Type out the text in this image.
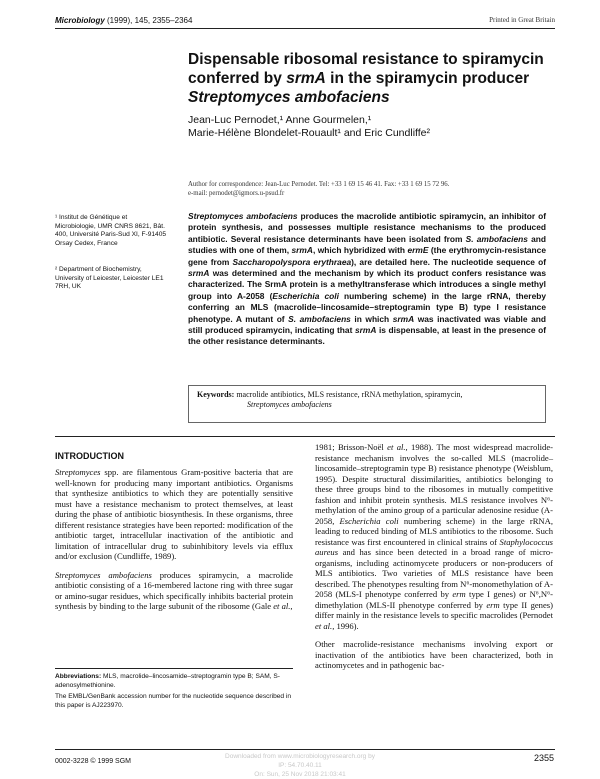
Microbiology (1999), 145, 2355–2364	Printed in Great Britain
Dispensable ribosomal resistance to spiramycin
conferred by srmA in the spiramycin producer
Streptomyces ambofaciens
Jean-Luc Pernodet,¹ Anne Gourmelen,¹
Marie-Hélène Blondelet-Rouault¹ and Eric Cundliffe²
Author for correspondence: Jean-Luc Pernodet. Tel: +33 1 69 15 46 41. Fax: +33 1 69 15 72 96.
e-mail: pernodet@igmors.u-psud.fr
¹ Institut de Génétique et Microbiologie, UMR CNRS 8621, Bât. 400, Université Paris-Sud XI, F-91405 Orsay Cedex, France
² Department of Biochemistry, University of Leicester, Leicester LE1 7RH, UK
Streptomyces ambofaciens produces the macrolide antibiotic spiramycin, an inhibitor of protein synthesis, and possesses multiple resistance mechanisms to the produced antibiotic. Several resistance determinants have been isolated from S. ambofaciens and studies with one of them, srmA, which hybridized with ermE (the erythromycin-resistance gene from Saccharopolyspora erythraea), are detailed here. The nucleotide sequence of srmA was determined and the mechanism by which its product confers resistance was characterized. The SrmA protein is a methyltransferase which introduces a single methyl group into A-2058 (Escherichia coli numbering scheme) in the large rRNA, thereby conferring an MLS (macrolide–lincosamide–streptogramin type B) type I resistance phenotype. A mutant of S. ambofaciens in which srmA was inactivated was viable and still produced spiramycin, indicating that srmA is dispensable, at least in the presence of the other resistance determinants.
Keywords: macrolide antibiotics, MLS resistance, rRNA methylation, spiramycin,
Streptomyces ambofaciens
INTRODUCTION

Streptomyces spp. are filamentous Gram-positive bacteria that are well-known for producing many important antibiotics. Organisms that synthesize antibiotics to which they are potentially sensitive must have a resistance mechanism to protect themselves, at least during the phase of antibiotic biosynthesis. In these organisms, three different resistance strategies have been reported: modification of the antibiotic target, intracellular inactivation of the antibiotic and limitation of intracellular drug to subinhibitory levels via efflux and/or exclusion (Cundliffe, 1989).

Streptomyces ambofaciens produces spiramycin, a macrolide antibiotic consisting of a 16-membered lactone ring with three sugar or amino-sugar residues, which specifically inhibits bacterial protein synthesis by binding to the large subunit of the ribosome (Gale et al.,

1981; Brisson-Noël et al., 1988). The most widespread macrolide-resistance mechanism involves the so-called MLS (macrolide–lincosamide–streptogramin type B) resistance phenotype (Weisblum, 1995). Despite structural dissimilarities, antibiotics belonging to these three groups bind to the ribosomes in mutually competitive fashion and inhibit protein synthesis. MLS resistance involves N⁶-methylation of the amino group of a particular adenosine residue (A-2058, Escherichia coli numbering scheme) in the large rRNA, leading to reduced binding of MLS antibiotics to the ribosome. Such resistance was first encountered in clinical strains of Staphylococcus aureus and has since been detected in a broad range of micro-organisms, including actinomycete producers or non-producers of MLS antibiotics. Two varieties of MLS resistance have been described. The phenotypes resulting from N⁶-monomethylation of A-2058 (MLS-I phenotype conferred by erm type I genes) or N⁶,N⁶-dimethylation (MLS-II phenotype conferred by erm type II genes) differ mainly in the resistance levels to specific macrolides (Pernodet et al., 1996).

Other macrolide-resistance mechanisms involving export or inactivation of the antibiotics have been characterized, both in actinomycetes and in pathogenic bac-

Abbreviations: MLS, macrolide–lincosamide–streptogramin type B; SAM, S-adenosylmethionine.

The EMBL/GenBank accession number for the nucleotide sequence described in this paper is AJ223970.

0002-3228 © 1999 SGM	2355
Downloaded from www.microbiologyresearch.org by
IP: 54.70.40.11
On: Sun, 25 Nov 2018 21:03:41
